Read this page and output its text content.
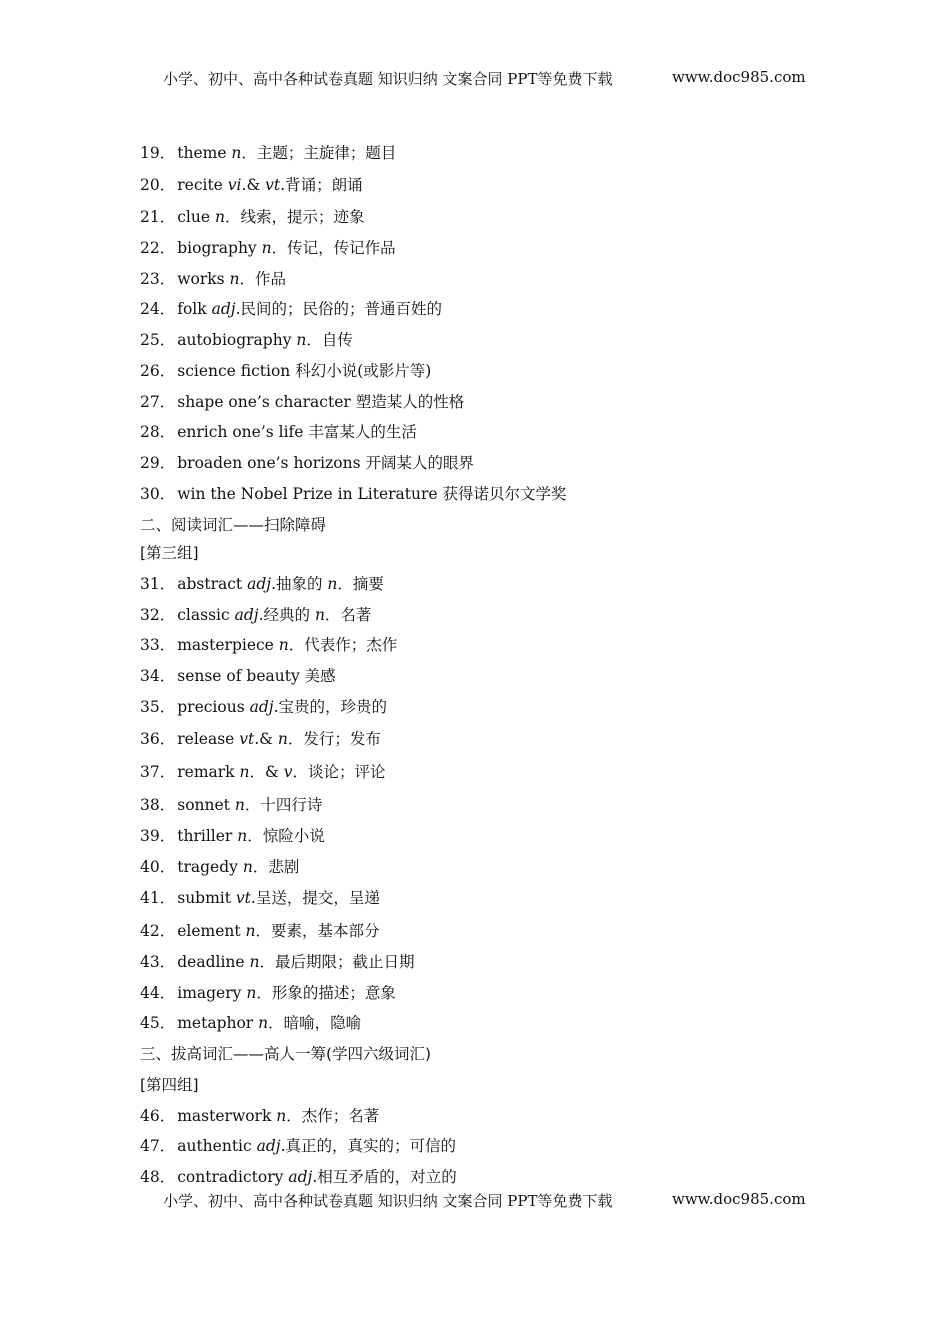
小学、初中、高中各种试卷真题 知识归纳 文案合同 PPT等免费下载	www.doc985.com
19． theme n．主题；主旋律；题目
20． recite vi.& vt.背诵；朗诵
21． clue n．线索，提示；迹象
22． biography n．传记，传记作品
23． works n．作品
24． folk adj.民间的；民俗的；普通百姓的
25． autobiography n．自传
26． science fiction 科幻小说(或影片等)
27． shape one’s character 塑造某人的性格
28． enrich one’s life 丰富某人的生活
29． broaden one’s horizons 开阔某人的眼界
30． win the Nobel Prize in Literature 获得诺贝尔文学奖
二、阅读词汇——扫除障碍
[第三组]
31． abstract adj.抽象的 n．摘要
32． classic adj.经典的 n．名著
33． masterpiece n．代表作；杰作
34． sense of beauty 美感
35． precious adj.宝贵的，珍贵的
36． release vt.& n．发行；发布
37． remark n．& v．谈论；评论
38． sonnet n．十四行诗
39． thriller n．惊险小说
40． tragedy n．悲剧
41． submit vt.呈送，提交，呈递
42． element n．要素，基本部分
43． deadline n．最后期限；截止日期
44． imagery n．形象的描述；意象
45． metaphor n．暗喻，隐喻
三、拔高词汇——高人一筹(学四六级词汇)
[第四组]
46． masterwork n．杰作；名著
47． authentic adj.真正的，真实的；可信的
48． contradictory adj.相互矛盾的，对立的
小学、初中、高中各种试卷真题 知识归纳 文案合同 PPT等免费下载	www.doc985.com
